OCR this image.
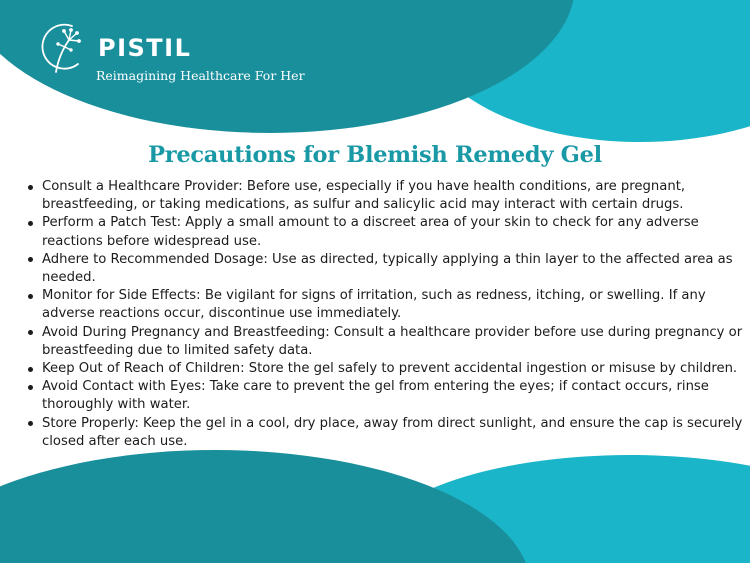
PISTIL
Reimagining Healthcare For Her
Precautions for Blemish Remedy Gel
Consult a Healthcare Provider: Before use, especially if you have health conditions, are pregnant, breastfeeding, or taking medications, as sulfur and salicylic acid may interact with certain drugs.
Perform a Patch Test: Apply a small amount to a discreet area of your skin to check for any adverse reactions before widespread use.
Adhere to Recommended Dosage: Use as directed, typically applying a thin layer to the affected area as needed.
Monitor for Side Effects: Be vigilant for signs of irritation, such as redness, itching, or swelling. If any adverse reactions occur, discontinue use immediately.
Avoid During Pregnancy and Breastfeeding: Consult a healthcare provider before use during pregnancy or breastfeeding due to limited safety data.
Keep Out of Reach of Children: Store the gel safely to prevent accidental ingestion or misuse by children.
Avoid Contact with Eyes: Take care to prevent the gel from entering the eyes; if contact occurs, rinse thoroughly with water.
Store Properly: Keep the gel in a cool, dry place, away from direct sunlight, and ensure the cap is securely closed after each use.
